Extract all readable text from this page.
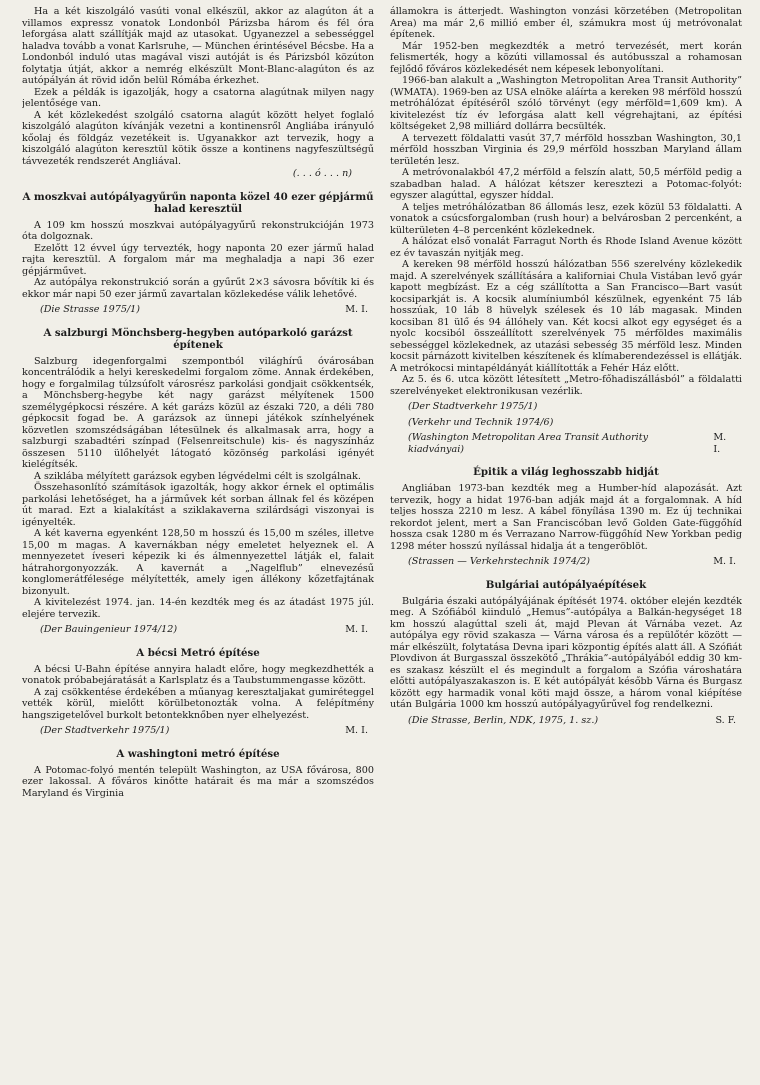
Ha a két kiszolgáló vasúti vonal elkészül, akkor az alagúton át a villamos expressz vonatok Londonból Párizsba három és fél óra leforgása alatt szállítják majd az utasokat. Ugyanezzel a sebességgel haladva tovább a vonat Karlsruhe, — München érintésével Bécsbe. Ha a Londonból induló utas magával viszi autóját is és Párizsból közúton folytatja útját, akkor a nemrég elkészült Mont-Blanc-alagúton és az autópályán át rövid időn belül Rómába érkezhet.

Ezek a példák is igazolják, hogy a csatorna alagútnak milyen nagy jelentősége van.

A két közlekedést szolgáló csatorna alagút között helyet foglaló kiszolgáló alagúton kívánják vezetni a kontinensről Angliába irányuló kőolaj és földgáz vezetékeit is. Ugyanakkor azt tervezik, hogy a kiszolgáló alagúton keresztül kötik össze a kontinens nagyfeszültségű távvezeték rendszerét Angliával.

(. . . ó . . . n)
A moszkvai autópályagyűrűn naponta közel 40 ezer gépjármű halad keresztül

A 109 km hosszú moszkvai autópályagyűrű rekonstrukcióján 1973 óta dolgoznak.

Ezelőtt 12 évvel úgy tervezték, hogy naponta 20 ezer jármű halad rajta keresztül. A forgalom már ma meghaladja a napi 36 ezer gépjárművet.

Az autópálya rekonstrukció során a gyűrűt 2×3 sávosra bővítik ki és ekkor már napi 50 ezer jármű zavartalan közlekedése válik lehetővé.

(Die Strasse 1975/1)	M. I.
A salzburgi Mönchsberg-hegyben autóparkoló garázst építenek

Salzburg idegenforgalmi szempontból világhírű óvárosában koncentrálódik a helyi kereskedelmi forgalom zöme. Annak érdekében, hogy e forgalmilag túlzsúfolt városrész parkolási gondjait csökkentsék, a Mönchsberg-hegybe két nagy garázst mélyítenek 1500 személygépkocsi részére. A két garázs közül az északi 720, a déli 780 gépkocsit fogad be. A garázsok az ünnepi játékok színhelyének közvetlen szomszédságában létesülnek és alkalmasak arra, hogy a salzburgi szabadtéri színpad (Felsenreitschule) kis- és nagyszínház összesen 5110 ülőhelyét látogató közönség parkolási igényét kielégítsék.

A sziklába mélyített garázsok egyben légvédelmi célt is szolgálnak.

Összehasonlító számítások igazolták, hogy akkor érnek el optimális parkolási lehetőséget, ha a járművek két sorban állnak fel és középen út marad. Ezt a kialakítást a sziklakaverna szilárdsági viszonyai is igényelték.

A két kaverna egyenként 128,50 m hosszú és 15,00 m széles, illetve 15,00 m magas. A kavernákban négy emeletet helyeznek el. A mennyezetet íveseri képezik ki és álmennyezettel látják el, falait hátrahorgonyozzák. A kavernát a „Nagelflub” elnevezésű konglomerátfélesége mélyítették, amely igen állékony kőzetfajtának bizonyult.

A kivitelezést 1974. jan. 14-én kezdték meg és az átadást 1975 júl. elejére tervezik.

(Der Bauingenieur 1974/12)	M. I.
A bécsi Metró építése

A bécsi U-Bahn építése annyira haladt előre, hogy megkezdhették a vonatok próbabejáratását a Karlsplatz és a Taubstummengasse között.

A zaj csökkentése érdekében a műanyag keresztaljakat gumiréteggel vették körül, mielőtt körülbetonozták volna. A felépítmény hangszigetelővel burkolt betontekknőben nyer elhelyezést.

(Der Stadtverkehr 1975/1)	M. I.
A washingtoni metró építése

A Potomac-folyó mentén települt Washington, az USA fővárosa, 800 ezer lakossal. A főváros kinőtte határait és ma már a szomszédos Maryland és Virginia

államokra is átterjedt. Washington vonzási körzetében (Metropolitan Area) ma már 2,6 millió ember él, számukra most új metróvonalat építenek.

Már 1952-ben megkezdték a metró tervezését, mert korán felismerték, hogy a közúti villamossal és autóbusszal a rohamosan fejlődő főváros közlekedését nem képesek lebonyolítani.

1966-ban alakult a „Washington Metropolitan Area Transit Authority” (WMATA). 1969-ben az USA elnöke aláírta a kereken 98 mérföld hosszú metróhálózat építéséről szóló törvényt (egy mérföld=1,609 km). A kivitelezést tíz év leforgása alatt kell végrehajtani, az építési költségeket 2,98 milliárd dollárra becsülték.

A tervezett földalatti vasút 37,7 mérföld hosszban Washington, 30,1 mérföld hosszban Virginia és 29,9 mérföld hosszban Maryland állam területén lesz.

A metróvonalakból 47,2 mérföld a felszín alatt, 50,5 mérföld pedig a szabadban halad. A hálózat kétszer keresztezi a Potomac-folyót: egyszer alagúttal, egyszer híddal.

A teljes metróhálózatban 86 állomás lesz, ezek közül 53 földalatti. A vonatok a csúcsforgalomban (rush hour) a belvárosban 2 percenként, a külterületen 4–8 percenként közlekednek.

A hálózat első vonalát Farragut North és Rhode Island Avenue között ez év tavaszán nyitják meg.

A kereken 98 mérföld hosszú hálózatban 556 szerelvény közlekedik majd. A szerelvények szállítására a kaliforniai Chula Vistában levő gyár kapott megbízást. Ez a cég szállította a San Francisco—Bart vasút kocsiparkját is. A kocsik alumíniumból készülnek, egyenként 75 láb hosszúak, 10 láb 8 hüvelyk szélesek és 10 láb magasak. Minden kocsiban 81 ülő és 94 állóhely van. Két kocsi alkot egy egységet és a nyolc kocsiból összeállított szerelvények 75 mérföldes maximális sebességgel közlekednek, az utazási sebesség 35 mérföld lesz. Minden kocsit párnázott kivitelben készítenek és klímaberendezéssel is ellátják. A metrókocsi mintapéldányát kiállították a Fehér Ház előtt.

Az 5. és 6. utca között létesített „Metro-főhadiszállásból” a földalatti szerelvényeket elektronikusan vezérlik.

(Der Stadtverkehr 1975/1)
(Verkehr und Technik 1974/6)
(Washington Metropolitan Area Transit Authority kiadványai)
M. I.
Épitik a világ leghosszabb hidját

Angliában 1973-ban kezdték meg a Humber-híd alapozását. Azt tervezik, hogy a hidat 1976-ban adják majd át a forgalomnak. A híd teljes hossza 2210 m lesz. A kábel fönyílása 1390 m. Ez új technikai rekordot jelent, mert a San Franciscóban levő Golden Gate-függőhíd hossza csak 1280 m és Verrazano Narrow-függőhíd New Yorkban pedig 1298 méter hosszú nyílással hidalja át a tengeröblöt.

(Strassen — Verkehrstechnik 1974/2)	M. I.
Bulgáriai autópályaépítések

Bulgária északi autópályájának építését 1974. október elején kezdték meg. A Szófiából kiinduló „Hemus”-autópálya a Balkán-hegységet 18 km hosszú alagúttal szeli át, majd Plevan át Várnába vezet. Az autópálya egy rövid szakasza — Várna városa és a repülőtér között — már elkészült, folytatása Devna ipari központig építés alatt áll. A Szófiát Plovdivon át Burgasszal összekötő „Thrákia”-autópályából eddig 30 km-es szakasz készült el és megindult a forgalom a Szófia városhatára előtti autópályaszakaszon is. E két autópályát később Várna és Burgasz között egy harmadik vonal köti majd össze, a három vonal kiépítése után Bulgária 1000 km hosszú autópályagyűrűvel fog rendelkezni.

(Die Strasse, Berlin, NDK, 1975, 1. sz.)	S. F.
